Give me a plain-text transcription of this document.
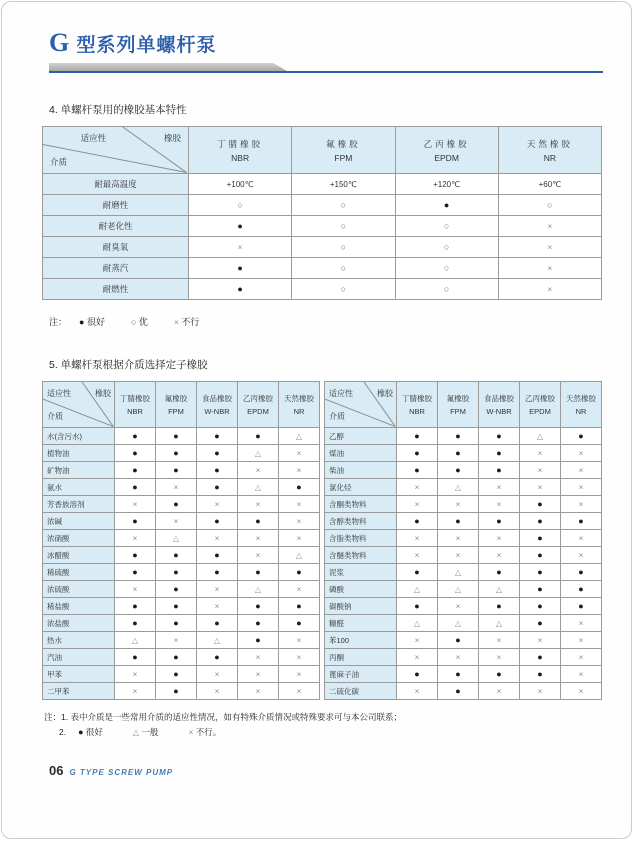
G 型系列单螺杆泵
4. 单螺杆泵用的橡胶基本特性
适应性	橡胶
介质

丁腈橡胶
NBR

氟橡胶
FPM

乙丙橡胶
EPDM

天然橡胶
NR

耐最高温度	+100℃	+150℃	+120℃	+60℃
耐磨性	○	○	●	○
耐老化性	●	○	○	×
耐臭氧	×	○	○	×
耐蒸汽	●	○	○	×
耐燃性	●	○	○	×
注： ● 很好	○ 优	× 不行
5. 单螺杆泵根据介质选择定子橡胶
适应性	橡胶
介质

丁腈橡胶
NBR

氟橡胶
FPM

食品橡胶
W-NBR

乙丙橡胶
EPDM

天然橡胶
NR

水(含污水)	●	●	●	●	△
植物油	●	●	●	△	×
矿物油	●	●	●	×	×
氨水	●	×	●	△	●
芳香族溶剂	×	●	×	×	×
浓碱	●	×	●	●	×
浓硝酸	×	△	×	×	×
冰醋酸	●	●	●	×	△
稀硫酸	●	●	●	●	●
浓硫酸	×	●	×	△	×
稀盐酸	●	●	×	●	●
浓盐酸	●	●	●	●	●
热水	△	×	△	●	×
汽油	●	●	●	×	×
甲苯	×	●	×	×	×
二甲苯	×	●	×	×	×
适应性	橡胶
介质

丁腈橡胶
NBR

氟橡胶
FPM

食品橡胶
W-NBR

乙丙橡胶
EPDM

天然橡胶
NR

乙醇	●	●	●	△	●
煤油	●	●	●	×	×
柴油	●	●	●	×	×
氯化烃	×	△	×	×	×
含酮类物料	×	×	×	●	×
含醇类物料	●	●	●	●	●
含脂类物料	×	×	×	●	×
含醚类物料	×	×	×	●	×
泥浆	●	△	●	●	●
磷酸	△	△	△	●	●
碳酸钠	●	×	●	●	●
糠醛	△	△	△	●	×
苯100	×	●	×	×	×
丙酮	×	×	×	●	×
蓖麻子油	●	●	●	●	×
二硫化碳	×	●	×	×	×
注：1. 表中介质是一些常用介质的适应性情况，如有特殊介质情况或特殊要求可与本公司联系；
2. ● 很好	△ 一般	× 不行。
06 G TYPE SCREW PUMP
